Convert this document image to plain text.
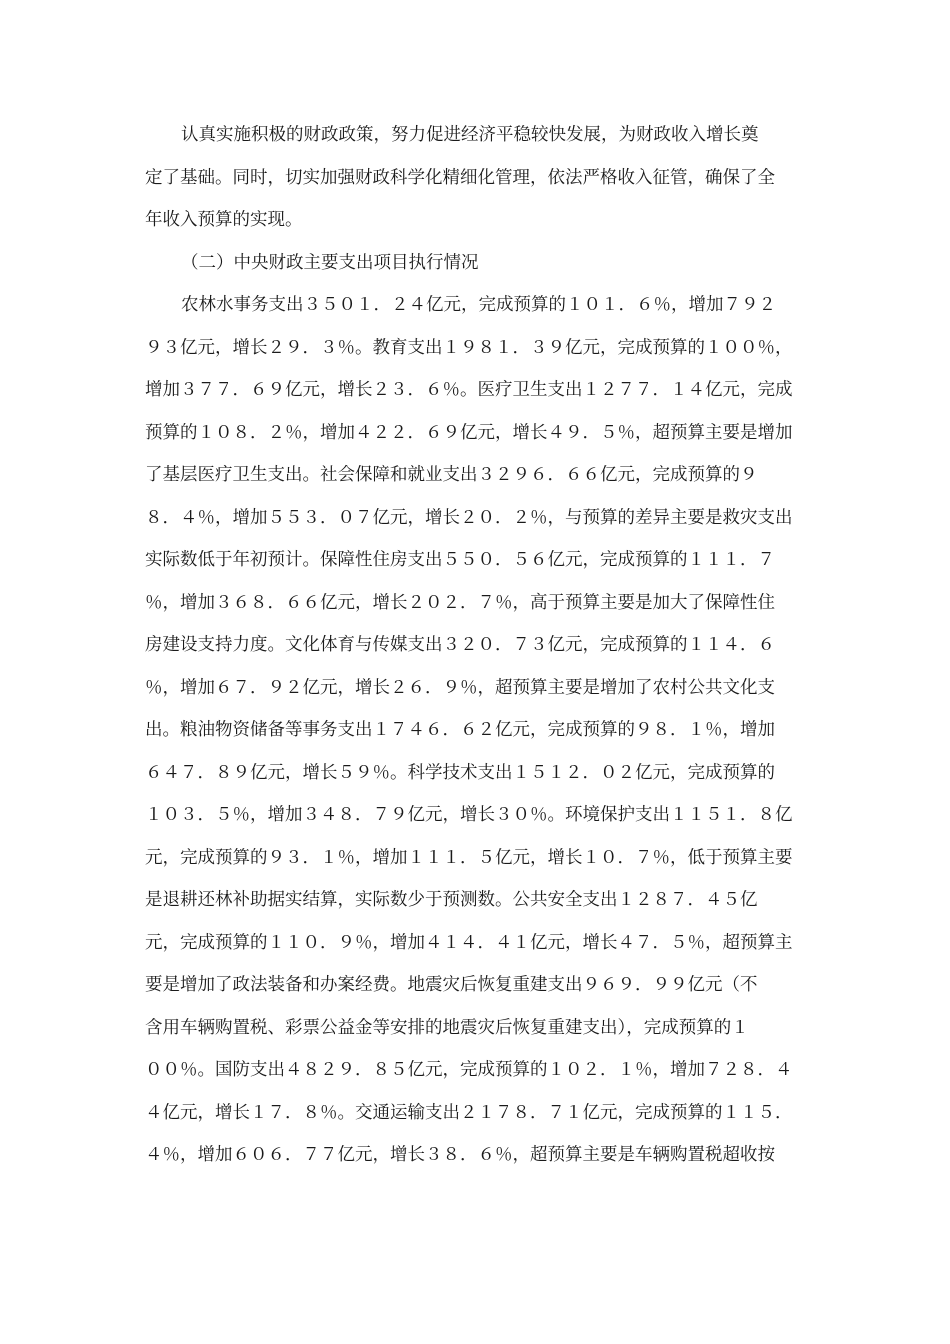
认真实施积极的财政政策，努力促进经济平稳较快发展，为财政收入增长奠
定了基础。同时，切实加强财政科学化精细化管理，依法严格收入征管，确保了全
年收入预算的实现。
（二）中央财政主要支出项目执行情况
农林水事务支出３５０１．２４亿元，完成预算的１０１．６％，增加７９２
９３亿元，增长２９．３％。教育支出１９８１．３９亿元，完成预算的１００％，
增加３７７．６９亿元，增长２３．６％。医疗卫生支出１２７７．１４亿元，完成
预算的１０８．２％，增加４２２．６９亿元，增长４９．５％，超预算主要是增加
了基层医疗卫生支出。社会保障和就业支出３２９６．６６亿元，完成预算的９
８．４％，增加５５３．０７亿元，增长２０．２％，与预算的差异主要是救灾支出
实际数低于年初预计。保障性住房支出５５０．５６亿元，完成预算的１１１．７
％，增加３６８．６６亿元，增长２０２．７％，高于预算主要是加大了保障性住
房建设支持力度。文化体育与传媒支出３２０．７３亿元，完成预算的１１４．６
％，增加６７．９２亿元，增长２６．９％，超预算主要是增加了农村公共文化支
出。粮油物资储备等事务支出１７４６．６２亿元，完成预算的９８．１％，增加
６４７．８９亿元，增长５９％。科学技术支出１５１２．０２亿元，完成预算的
１０３．５％，增加３４８．７９亿元，增长３０％。环境保护支出１１５１．８亿
元，完成预算的９３．１％，增加１１１．５亿元，增长１０．７％，低于预算主要
是退耕还林补助据实结算，实际数少于预测数。公共安全支出１２８７．４５亿
元，完成预算的１１０．９％，增加４１４．４１亿元，增长４７．５％，超预算主
要是增加了政法装备和办案经费。地震灾后恢复重建支出９６９．９９亿元（不
含用车辆购置税、彩票公益金等安排的地震灾后恢复重建支出），完成预算的１
００％。国防支出４８２９．８５亿元，完成预算的１０２．１％，增加７２８．４
４亿元，增长１７．８％。交通运输支出２１７８．７１亿元，完成预算的１１５．
４％，增加６０６．７７亿元，增长３８．６％，超预算主要是车辆购置税超收按
